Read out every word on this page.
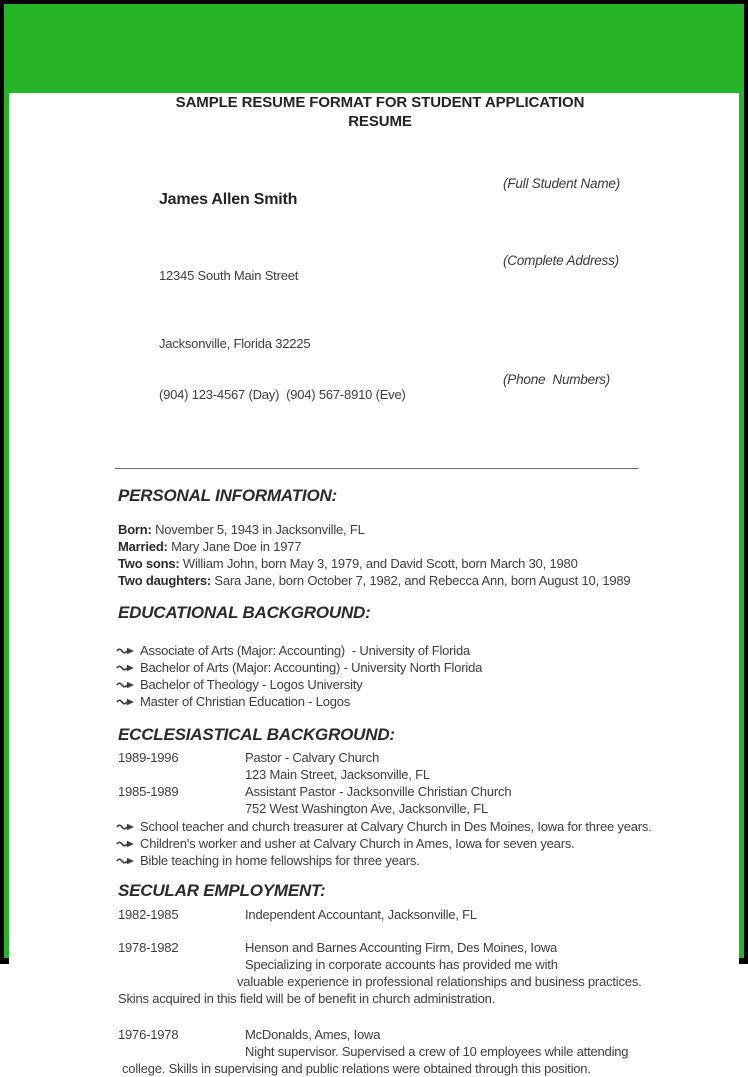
SAMPLE RESUME FORMAT FOR STUDENT APPLICATION
RESUME

James Allen Smith

(Full Student Name)

12345 South Main Street

(Complete Address)

Jacksonville, Florida 32225

(904) 123-4567 (Day)  (904) 567-8910 (Eve)

(Phone  Numbers)

PERSONAL INFORMATION:
Born: November 5, 1943 in Jacksonville, FL
Married: Mary Jane Doe in 1977
Two sons: William John, born May 3, 1979, and David Scott, born March 30, 1980
Two daughters: Sara Jane, born October 7, 1982, and Rebecca Ann, born August 10, 1989
EDUCATIONAL BACKGROUND:
Associate of Arts (Major: Accounting)  - University of Florida
Bachelor of Arts (Major: Accounting) - University North Florida
Bachelor of Theology - Logos University
Master of Christian Education - Logos
ECCLESIASTICAL BACKGROUND:
1989-1996	Pastor - Calvary Church
123 Main Street, Jacksonville, FL
1985-1989	Assistant Pastor - Jacksonville Christian Church
752 West Washington Ave, Jacksonville, FL
School teacher and church treasurer at Calvary Church in Des Moines, Iowa for three years.
Children's worker and usher at Calvary Church in Ames, Iowa for seven years.
Bible teaching in home fellowships for three years.
SECULAR EMPLOYMENT:
1982-1985	Independent Accountant, Jacksonville, FL
1978-1982	Henson and Barnes Accounting Firm, Des Moines, Iowa
Specializing in corporate accounts has provided me with
valuable experience in professional relationships and business practices.
Skins acquired in this field will be of benefit in church administration.
1976-1978	McDonalds, Ames, Iowa
Night supervisor. Supervised a crew of 10 employees while attending
college. Skills in supervising and public relations were obtained through this position.
